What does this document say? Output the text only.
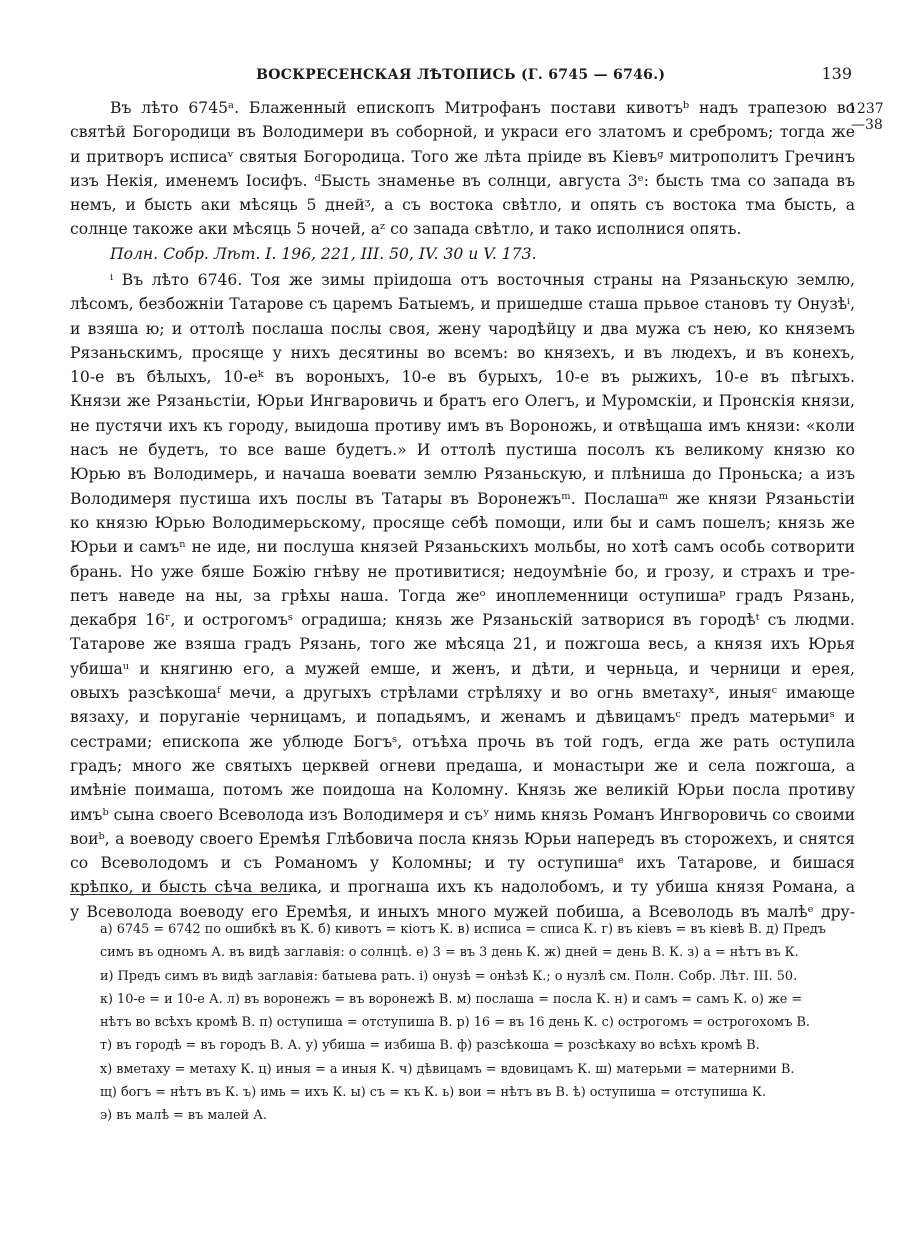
ВОСКРЕСЕНСКАЯ ЛѢТОПИСЬ (Г. 6745 — 6746.)	139
1237
—38
Въ лѣто 6745ᵃ. Блаженный епископъ Митрофанъ постави кивотъᵇ надъ трапезою во
святѣй Богородици въ Володимери въ соборной, и украси его златомъ и сребромъ; тогда же
и притворъ исписаᵛ святыя Богородица. Того же лѣта пріиде въ Кіевъᵍ митрополитъ Гречинъ
изъ Некія, именемъ Іосифъ. ᵈБысть знаменье въ солнци, августа 3ᵉ: бысть тма со запада въ
немъ, и бысть аки мѣсяць 5 днейᶾ, а съ востока свѣтло, и опять съ востока тма бысть, а
солнце такоже аки мѣсяць 5 ночей, аᶻ со запада свѣтло, и тако исполнися опять.
Полн. Собр. Лѣт. I. 196, 221, III. 50, IV. 30 и V. 173.
ⁱ Въ лѣто 6746. Тоя же зимы пріидоша отъ восточныя страны на Рязаньскую землю,
лѣсомъ, безбожніи Татарове съ царемъ Батыемъ, и пришедше сташа прьвое становъ ту Онузѣⁱ,
и взяша ю; и оттолѣ послаша послы своя, жену чародѣйцу и два мужа съ нею, ко княземъ
Рязаньскимъ, просяще у нихъ десятины во всемъ: во князехъ, и въ людехъ, и въ конехъ,
10-е въ бѣлыхъ, 10-еᵏ въ вороныхъ, 10-е въ бурыхъ, 10-е въ рыжихъ, 10-е въ пѣгыхъ.
Князи же Рязаньстіи, Юрьи Ингваровичь и братъ его Олегъ, и Муромскіи, и Пронскія князи,
не пустячи ихъ къ городу, выидоша противу имъ въ Вороножь, и отвѣщаша имъ князи: «коли
насъ не будетъ, то все ваше будетъ.» И оттолѣ пустиша посолъ къ великому князю ко
Юрью въ Володимерь, и начаша воевати землю Рязаньскую, и плѣниша до Проньска; а изъ
Володимеря пустиша ихъ послы въ Татары въ Воронежъᵐ. Послашаᵐ же князи Рязаньстіи
ко князю Юрью Володимерьскому, просяще себѣ помощи, или бы и самъ пошелъ; князь же
Юрьи и самъⁿ не иде, ни послуша князей Рязаньскихъ мольбы, но хотѣ самъ особь сотворити
брань. Но уже бяше Божію гнѣву не противитися; недоумѣніе бо, и грозу, и страхъ и тре-
петъ наведе на ны, за грѣхы наша. Тогда жеᵒ иноплеменници оступишаᵖ градъ Рязань,
декабря 16ʳ, и острогомъˢ оградиша; князь же Рязаньскій затворися въ городѣᵗ съ людми.
Татарове же взяша градъ Рязань, того же мѣсяца 21, и пожгоша весь, а князя ихъ Юрья
убишаᵘ и княгиню его, а мужей емше, и женъ, и дѣти, и черньца, и черници и ерея,
овыхъ разсѣкошаᶠ мечи, а другыхъ стрѣлами стрѣляху и во огнь вметахуˣ, иныяᶜ имающе
вязаху, и поруганіе черницамъ, и попадьямъ, и женамъ и дѣвицамъᶜ предъ матерьмиˢ и
сестрами; епископа же ублюде Богъˢ, отъѣха прочь въ той годъ, егда же рать оступила
градъ; много же святыхъ церквей огневи предаша, и монастыри же и села пожгоша, а
имѣніе поимаша, потомъ же поидоша на Коломну. Князь же великій Юрьи посла противу
имъᵇ сына своего Всеволода изъ Володимеря и съʸ нимь князь Романъ Ингворовичь со своими
воиᵇ, а воеводу своего Еремѣя Глѣбовича посла князь Юрьи напередъ въ сторожехъ, и снятся
со Всеволодомъ и съ Романомъ у Коломны; и ту оступишаᵉ ихъ Татарове, и бишася
крѣпко, и бысть сѣча велика, и прогнаша ихъ къ надолобомъ, и ту убиша князя Романа, а
у Всеволода воеводу его Еремѣя, и иныхъ много мужей побиша, а Всеволодь въ малѣᵉ дру-
а) 6745 = 6742 по ошибкѣ въ К. б) кивотъ = кіотъ К. в) исписа = списа К. г) въ кіевъ = въ кіевѣ В. д) Предъ
симъ въ одномъ А. въ видѣ заглавія: о солнцѣ. е) 3 = въ 3 день К. ж) дней = день В. К. з) а = нѣтъ въ К.
и) Предъ симъ въ видѣ заглавія: батыева рать. і) онузѣ = онѣзѣ К.; о нузлѣ см. Полн. Собр. Лѣт. III. 50.
к) 10-е = и 10-е А. л) въ воронежъ = въ воронежѣ В. м) послаша = посла К. н) и самъ = самъ К. о) же =
нѣтъ во всѣхъ кромѣ В. п) оступиша = отступиша В. р) 16 = въ 16 день К. с) острогомъ = острогохомъ В.
т) въ городѣ = въ городъ В. А. у) убиша = избиша В. ф) разсѣкоша = розсѣкаху во всѣхъ кромѣ В.
х) вметаху = метаху К. ц) иныя = а иныя К. ч) дѣвицамъ = вдовицамъ К. ш) матерьми = матерними В.
щ) богъ = нѣтъ въ К. ъ) имь = ихъ К. ы) съ = къ К. ь) вои = нѣтъ въ В. ѣ) оступиша = отступиша К.
э) въ малѣ = въ малей А.
